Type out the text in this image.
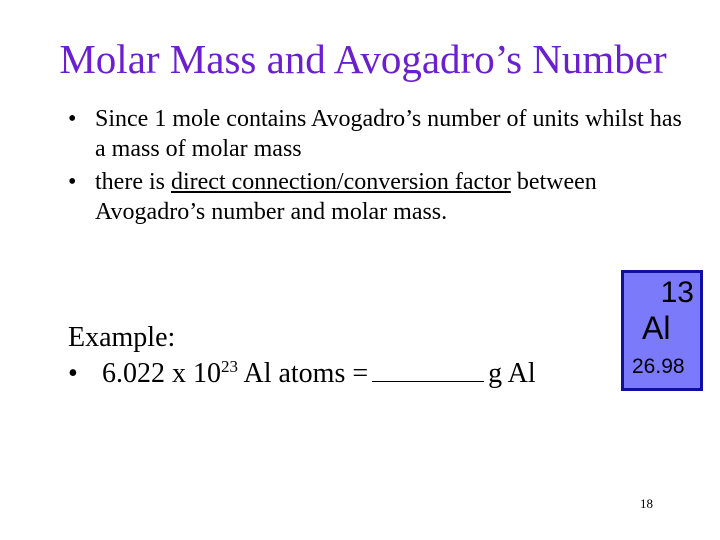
Molar Mass and Avogadro’s Number
• Since 1 mole contains Avogadro’s number of units whilst has a mass of molar mass
• there is direct connection/conversion factor between Avogadro’s number and molar mass.
Example:
• 6.022 x $10^{23}$ Al atoms =	g Al
13
Al
26.98
18
